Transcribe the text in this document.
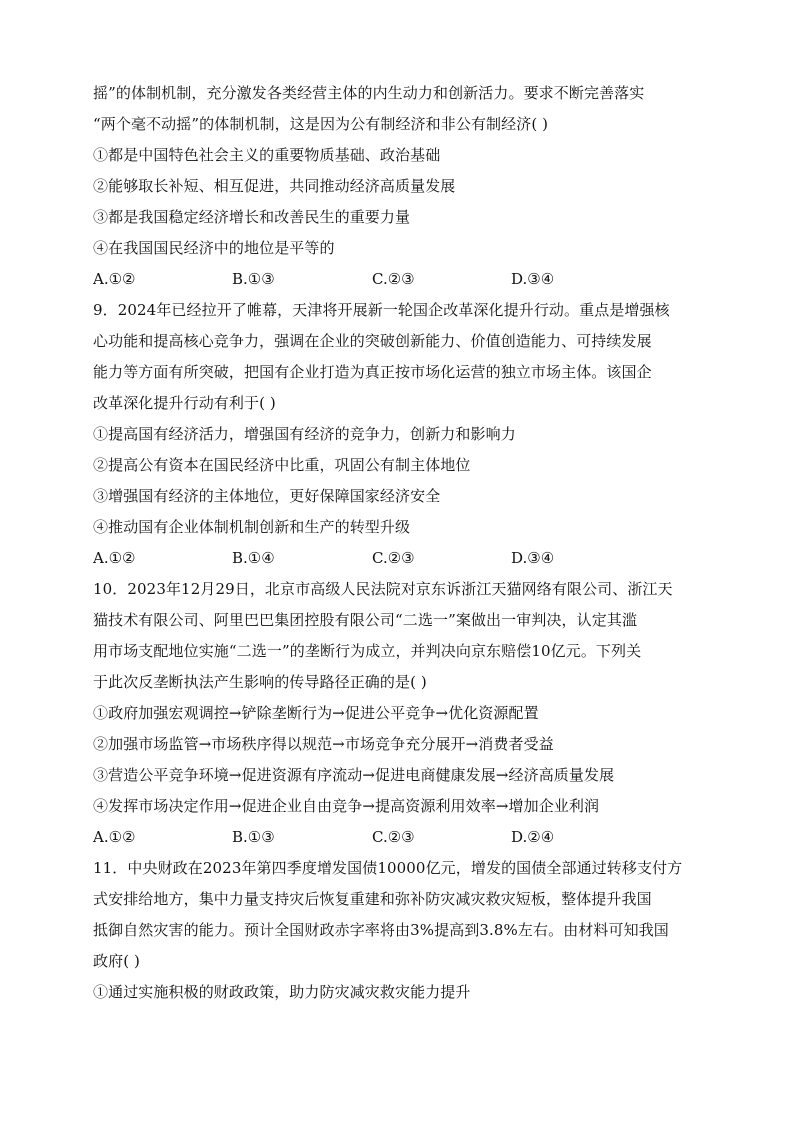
摇”的体制机制，充分激发各类经营主体的内生动力和创新活力。要求不断完善落实
“两个毫不动摇”的体制机制，这是因为公有制经济和非公有制经济( )
①都是中国特色社会主义的重要物质基础、政治基础
②能够取长补短、相互促进，共同推动经济高质量发展
③都是我国稳定经济增长和改善民生的重要力量
④在我国国民经济中的地位是平等的
A.①②	B.①③	C.②③	D.③④
9．2024年已经拉开了帷幕，天津将开展新一轮国企改革深化提升行动。重点是增强核
心功能和提高核心竞争力，强调在企业的突破创新能力、价值创造能力、可持续发展
能力等方面有所突破，把国有企业打造为真正按市场化运营的独立市场主体。该国企
改革深化提升行动有利于( )
①提高国有经济活力，增强国有经济的竞争力，创新力和影响力
②提高公有资本在国民经济中比重，巩固公有制主体地位
③增强国有经济的主体地位，更好保障国家经济安全
④推动国有企业体制机制创新和生产的转型升级
A.①②	B.①④	C.②③	D.③④
10．2023年12月29日，北京市高级人民法院对京东诉浙江天猫网络有限公司、浙江天
猫技术有限公司、阿里巴巴集团控股有限公司“二选一”案做出一审判决，认定其滥
用市场支配地位实施“二选一”的垄断行为成立，并判决向京东赔偿10亿元。下列关
于此次反垄断执法产生影响的传导路径正确的是( )
①政府加强宏观调控→铲除垄断行为→促进公平竞争→优化资源配置
②加强市场监管→市场秩序得以规范→市场竞争充分展开→消费者受益
③营造公平竞争环境→促进资源有序流动→促进电商健康发展→经济高质量发展
④发挥市场决定作用→促进企业自由竞争→提高资源利用效率→增加企业利润
A.①②	B.①③	C.②③	D.②④
11．中央财政在2023年第四季度增发国债10000亿元，增发的国债全部通过转移支付方
式安排给地方，集中力量支持灾后恢复重建和弥补防灾减灾救灾短板，整体提升我国
抵御自然灾害的能力。预计全国财政赤字率将由3%提高到3.8%左右。由材料可知我国
政府( )
①通过实施积极的财政政策，助力防灾减灾救灾能力提升
